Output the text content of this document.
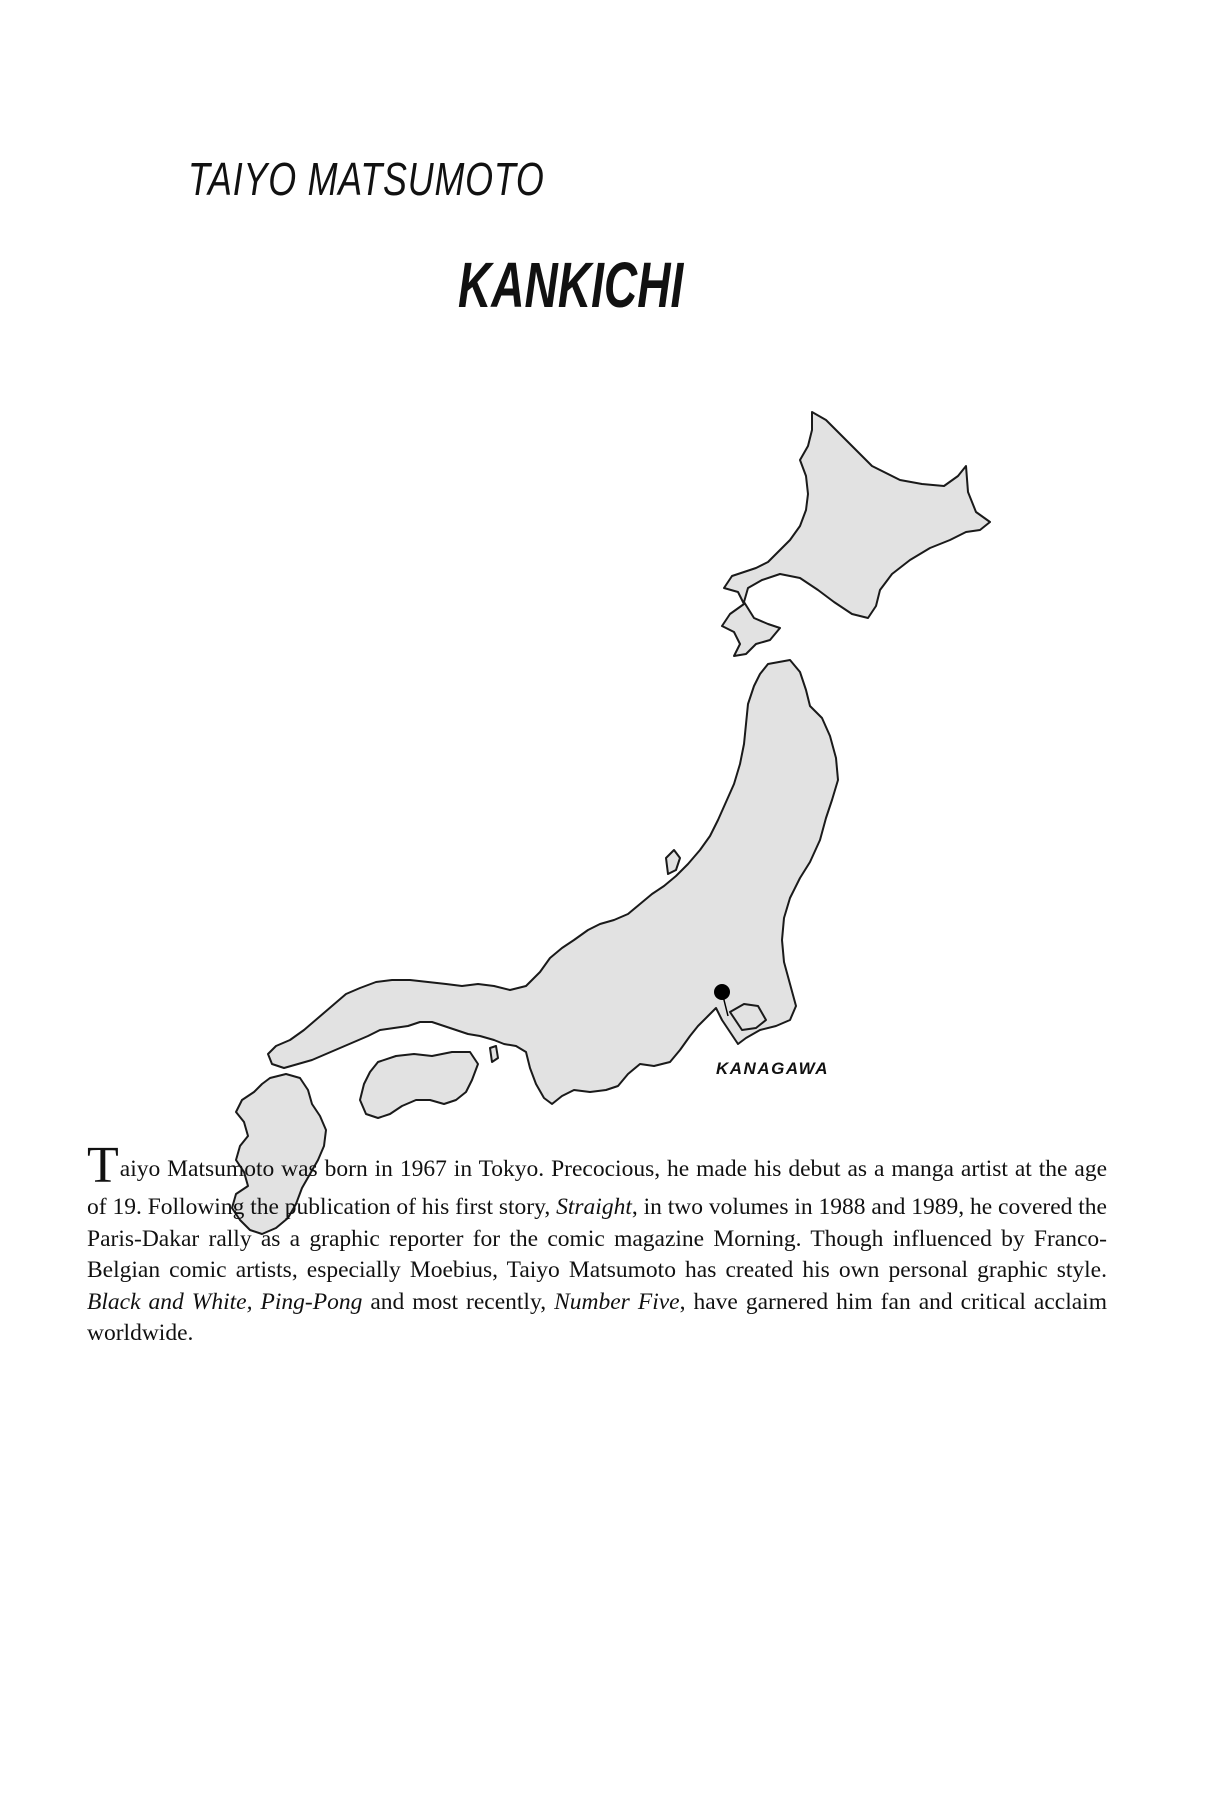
TAIYO MATSUMOTO
KANKICHI
KANAGAWA

Taiyo Matsumoto was born in 1967 in Tokyo. Precocious, he made his debut as a manga artist at the age of 19. Following the publication of his first story, Straight, in two volumes in 1988 and 1989, he covered the Paris-Dakar rally as a graphic reporter for the comic magazine Morning. Though influenced by Franco-Belgian comic artists, especially Moebius, Taiyo Matsumoto has created his own personal graphic style. Black and White, Ping-Pong and most recently, Number Five, have garnered him fan and critical acclaim worldwide.
